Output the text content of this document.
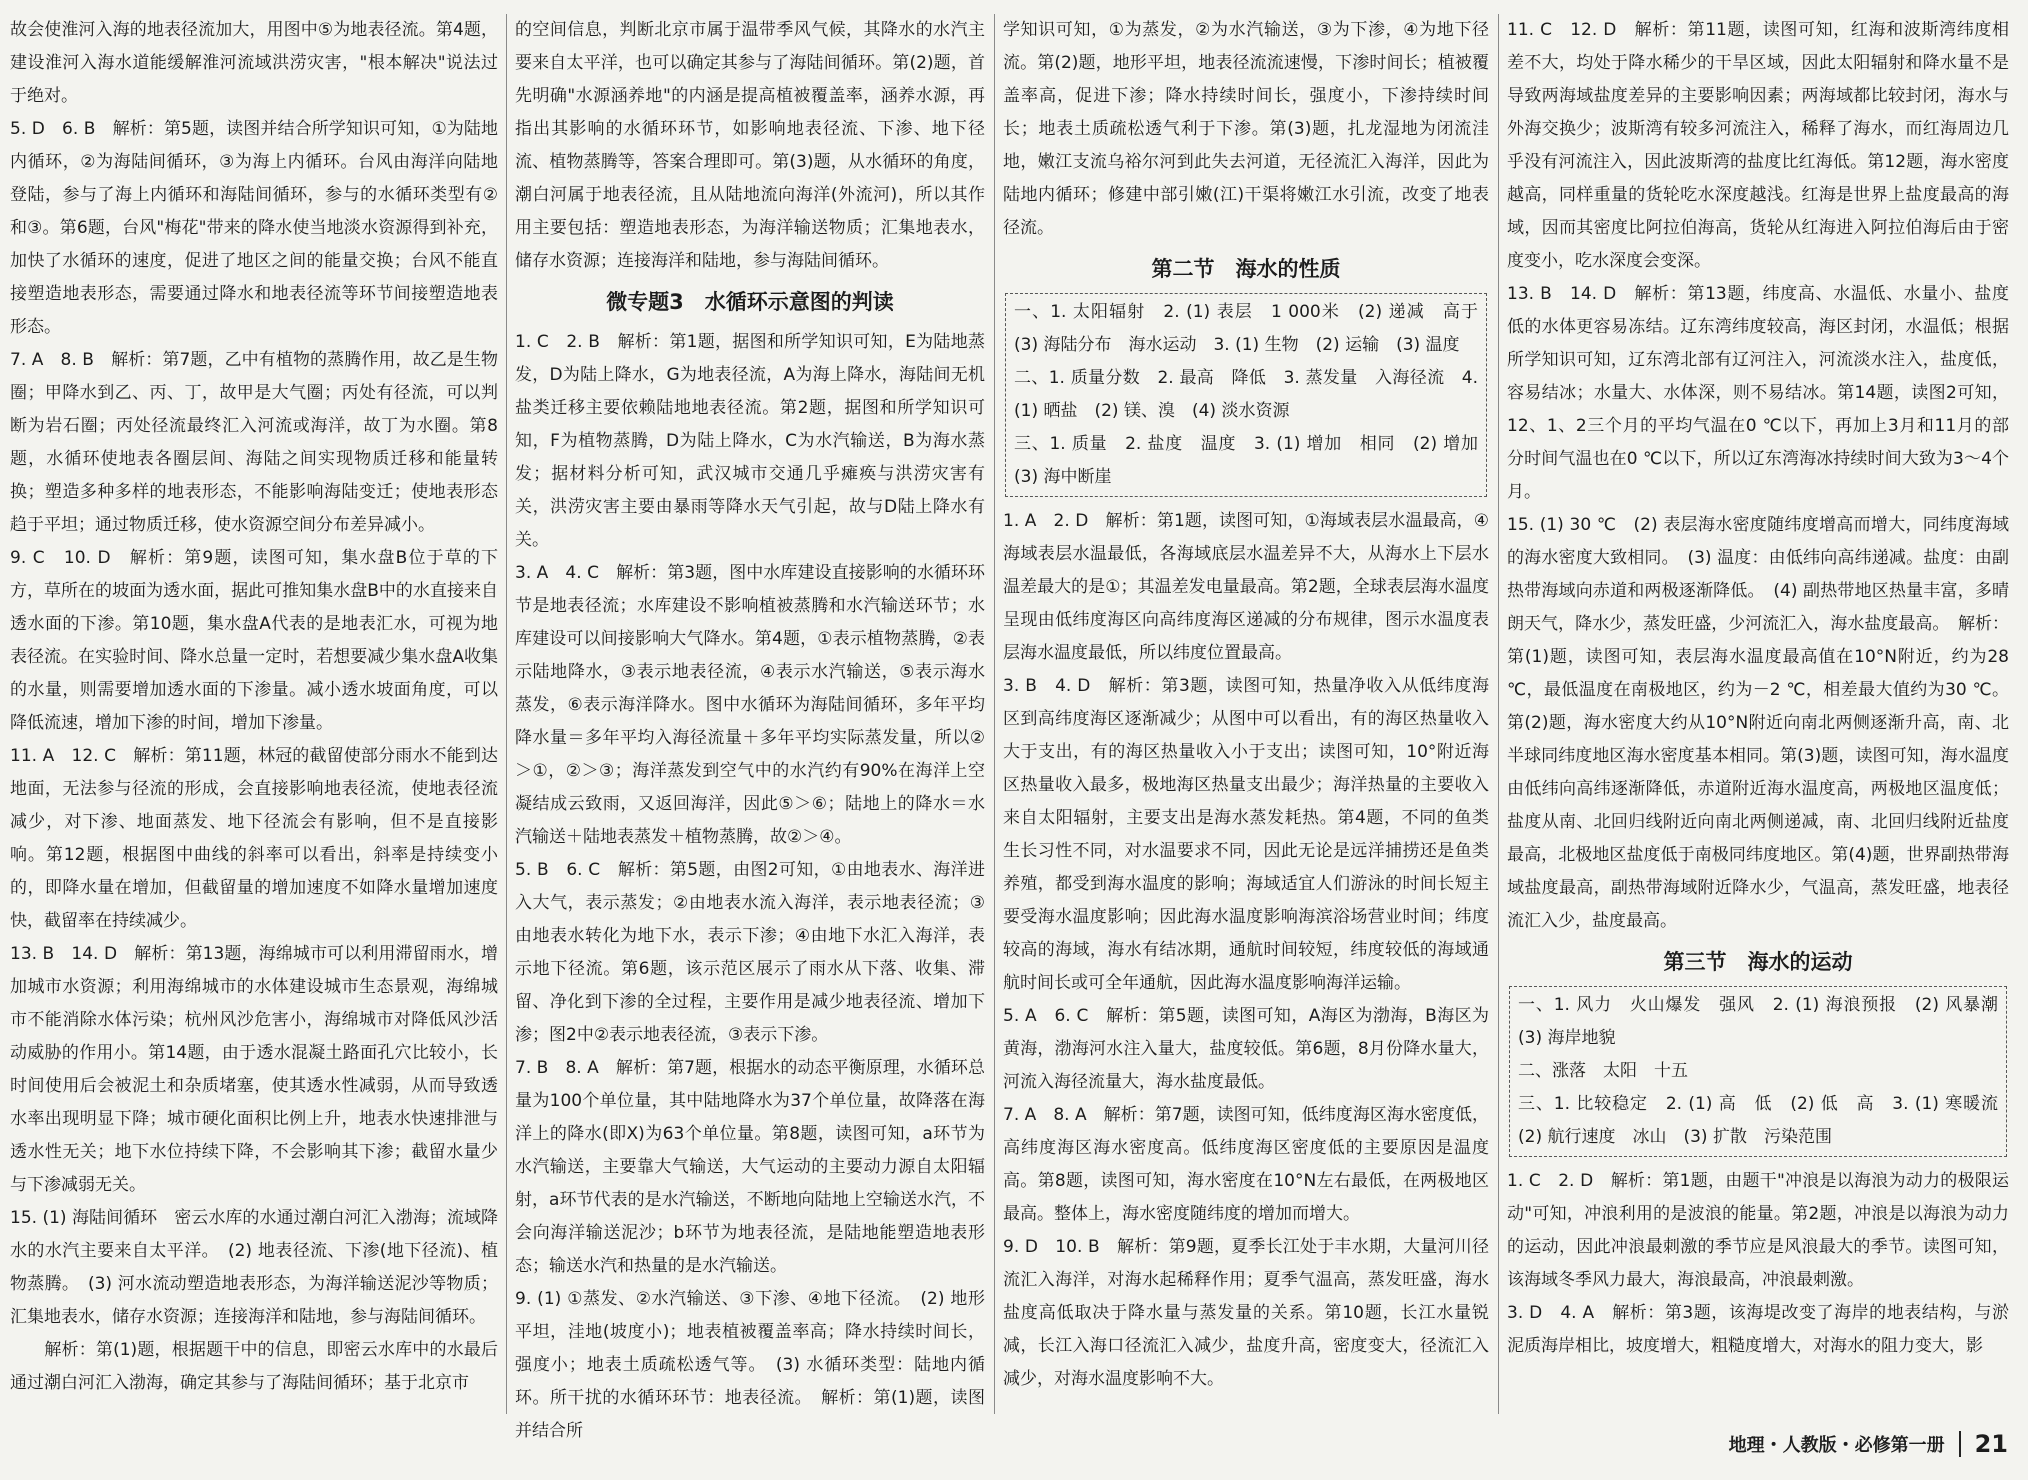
故会使淮河入海的地表径流加大，用图中⑤为地表径流。第4题，建设淮河入海水道能缓解淮河流域洪涝灾害，"根本解决"说法过于绝对。

5. D　6. B　解析：第5题，读图并结合所学知识可知，①为陆地内循环，②为海陆间循环，③为海上内循环。台风由海洋向陆地登陆，参与了海上内循环和海陆间循环，参与的水循环类型有②和③。第6题，台风"梅花"带来的降水使当地淡水资源得到补充，加快了水循环的速度，促进了地区之间的能量交换；台风不能直接塑造地表形态，需要通过降水和地表径流等环节间接塑造地表形态。

7. A　8. B　解析：第7题，乙中有植物的蒸腾作用，故乙是生物圈；甲降水到乙、丙、丁，故甲是大气圈；丙处有径流，可以判断为岩石圈；丙处径流最终汇入河流或海洋，故丁为水圈。第8题，水循环使地表各圈层间、海陆之间实现物质迁移和能量转换；塑造多种多样的地表形态，不能影响海陆变迁；使地表形态趋于平坦；通过物质迁移，使水资源空间分布差异减小。

9. C　10. D　解析：第9题，读图可知，集水盘B位于草的下方，草所在的坡面为透水面，据此可推知集水盘B中的水直接来自透水面的下渗。第10题，集水盘A代表的是地表汇水，可视为地表径流。在实验时间、降水总量一定时，若想要减少集水盘A收集的水量，则需要增加透水面的下渗量。减小透水坡面角度，可以降低流速，增加下渗的时间，增加下渗量。

11. A　12. C　解析：第11题，林冠的截留使部分雨水不能到达地面，无法参与径流的形成，会直接影响地表径流，使地表径流减少，对下渗、地面蒸发、地下径流会有影响，但不是直接影响。第12题，根据图中曲线的斜率可以看出，斜率是持续变小的，即降水量在增加，但截留量的增加速度不如降水量增加速度快，截留率在持续减少。

13. B　14. D　解析：第13题，海绵城市可以利用滞留雨水，增加城市水资源；利用海绵城市的水体建设城市生态景观，海绵城市不能消除水体污染；杭州风沙危害小，海绵城市对降低风沙活动威胁的作用小。第14题，由于透水混凝土路面孔穴比较小，长时间使用后会被泥土和杂质堵塞，使其透水性减弱，从而导致透水率出现明显下降；城市硬化面积比例上升，地表水快速排泄与透水性无关；地下水位持续下降，不会影响其下渗；截留水量少与下渗减弱无关。

15. (1) 海陆间循环　密云水库的水通过潮白河汇入渤海；流域降水的水汽主要来自太平洋。　(2) 地表径流、下渗(地下径流)、植物蒸腾。　(3) 河水流动塑造地表形态，为海洋输送泥沙等物质；汇集地表水，储存水资源；连接海洋和陆地，参与海陆间循环。

　　解析：第(1)题，根据题干中的信息，即密云水库中的水最后通过潮白河汇入渤海，确定其参与了海陆间循环；基于北京市

的空间信息，判断北京市属于温带季风气候，其降水的水汽主要来自太平洋，也可以确定其参与了海陆间循环。第(2)题，首先明确"水源涵养地"的内涵是提高植被覆盖率，涵养水源，再指出其影响的水循环环节，如影响地表径流、下渗、地下径流、植物蒸腾等，答案合理即可。第(3)题，从水循环的角度，潮白河属于地表径流，且从陆地流向海洋(外流河)，所以其作用主要包括：塑造地表形态，为海洋输送物质；汇集地表水，储存水资源；连接海洋和陆地，参与海陆间循环。

微专题3　水循环示意图的判读

1. C　2. B　解析：第1题，据图和所学知识可知，E为陆地蒸发，D为陆上降水，G为地表径流，A为海上降水，海陆间无机盐类迁移主要依赖陆地地表径流。第2题，据图和所学知识可知，F为植物蒸腾，D为陆上降水，C为水汽输送，B为海水蒸发；据材料分析可知，武汉城市交通几乎瘫痪与洪涝灾害有关，洪涝灾害主要由暴雨等降水天气引起，故与D陆上降水有关。

3. A　4. C　解析：第3题，图中水库建设直接影响的水循环环节是地表径流；水库建设不影响植被蒸腾和水汽输送环节；水库建设可以间接影响大气降水。第4题，①表示植物蒸腾，②表示陆地降水，③表示地表径流，④表示水汽输送，⑤表示海水蒸发，⑥表示海洋降水。图中水循环为海陆间循环，多年平均降水量＝多年平均入海径流量＋多年平均实际蒸发量，所以②＞①，②＞③；海洋蒸发到空气中的水汽约有90%在海洋上空凝结成云致雨，又返回海洋，因此⑤＞⑥；陆地上的降水＝水汽输送＋陆地表蒸发＋植物蒸腾，故②＞④。

5. B　6. C　解析：第5题，由图2可知，①由地表水、海洋进入大气，表示蒸发；②由地表水流入海洋，表示地表径流；③由地表水转化为地下水，表示下渗；④由地下水汇入海洋，表示地下径流。第6题，该示范区展示了雨水从下落、收集、滞留、净化到下渗的全过程，主要作用是减少地表径流、增加下渗；图2中②表示地表径流，③表示下渗。

7. B　8. A　解析：第7题，根据水的动态平衡原理，水循环总量为100个单位量，其中陆地降水为37个单位量，故降落在海洋上的降水(即X)为63个单位量。第8题，读图可知，a环节为水汽输送，主要靠大气输送，大气运动的主要动力源自太阳辐射，a环节代表的是水汽输送，不断地向陆地上空输送水汽，不会向海洋输送泥沙；b环节为地表径流，是陆地能塑造地表形态；输送水汽和热量的是水汽输送。

9. (1) ①蒸发、②水汽输送、③下渗、④地下径流。　(2) 地形平坦，洼地(坡度小)；地表植被覆盖率高；降水持续时间长，强度小；地表土质疏松透气等。　(3) 水循环类型：陆地内循环。所干扰的水循环环节：地表径流。　解析：第(1)题，读图并结合所

学知识可知，①为蒸发，②为水汽输送，③为下渗，④为地下径流。第(2)题，地形平坦，地表径流流速慢，下渗时间长；植被覆盖率高，促进下渗；降水持续时间长，强度小，下渗持续时间长；地表土质疏松透气利于下渗。第(3)题，扎龙湿地为闭流洼地，嫩江支流乌裕尔河到此失去河道，无径流汇入海洋，因此为陆地内循环；修建中部引嫩(江)干渠将嫩江水引流，改变了地表径流。

第二节　海水的性质

一、1. 太阳辐射　2. (1) 表层　1 000米　(2) 递减　高于　(3) 海陆分布　海水运动　3. (1) 生物　(2) 运输　(3) 温度

二、1. 质量分数　2. 最高　降低　3. 蒸发量　入海径流　4. (1) 晒盐　(2) 镁、溴　(4) 淡水资源

三、1. 质量　2. 盐度　温度　3. (1) 增加　相同　(2) 增加　(3) 海中断崖

1. A　2. D　解析：第1题，读图可知，①海域表层水温最高，④海域表层水温最低，各海域底层水温差异不大，从海水上下层水温差最大的是①；其温差发电量最高。第2题，全球表层海水温度呈现由低纬度海区向高纬度海区递减的分布规律，图示水温度表层海水温度最低，所以纬度位置最高。

3. B　4. D　解析：第3题，读图可知，热量净收入从低纬度海区到高纬度海区逐渐减少；从图中可以看出，有的海区热量收入大于支出，有的海区热量收入小于支出；读图可知，10°附近海区热量收入最多，极地海区热量支出最少；海洋热量的主要收入来自太阳辐射，主要支出是海水蒸发耗热。第4题，不同的鱼类生长习性不同，对水温要求不同，因此无论是远洋捕捞还是鱼类养殖，都受到海水温度的影响；海域适宜人们游泳的时间长短主要受海水温度影响；因此海水温度影响海滨浴场营业时间；纬度较高的海域，海水有结冰期，通航时间较短，纬度较低的海域通航时间长或可全年通航，因此海水温度影响海洋运输。

5. A　6. C　解析：第5题，读图可知，A海区为渤海，B海区为黄海，渤海河水注入量大，盐度较低。第6题，8月份降水量大，河流入海径流量大，海水盐度最低。

7. A　8. A　解析：第7题，读图可知，低纬度海区海水密度低，高纬度海区海水密度高。低纬度海区密度低的主要原因是温度高。第8题，读图可知，海水密度在10°N左右最低，在两极地区最高。整体上，海水密度随纬度的增加而增大。

9. D　10. B　解析：第9题，夏季长江处于丰水期，大量河川径流汇入海洋，对海水起稀释作用；夏季气温高，蒸发旺盛，海水盐度高低取决于降水量与蒸发量的关系。第10题，长江水量锐减，长江入海口径流汇入减少，盐度升高，密度变大，径流汇入减少，对海水温度影响不大。

11. C　12. D　解析：第11题，读图可知，红海和波斯湾纬度相差不大，均处于降水稀少的干旱区域，因此太阳辐射和降水量不是导致两海域盐度差异的主要影响因素；两海域都比较封闭，海水与外海交换少；波斯湾有较多河流注入，稀释了海水，而红海周边几乎没有河流注入，因此波斯湾的盐度比红海低。第12题，海水密度越高，同样重量的货轮吃水深度越浅。红海是世界上盐度最高的海域，因而其密度比阿拉伯海高，货轮从红海进入阿拉伯海后由于密度变小，吃水深度会变深。

13. B　14. D　解析：第13题，纬度高、水温低、水量小、盐度低的水体更容易冻结。辽东湾纬度较高，海区封闭，水温低；根据所学知识可知，辽东湾北部有辽河注入，河流淡水注入，盐度低，容易结冰；水量大、水体深，则不易结冰。第14题，读图2可知，12、1、2三个月的平均气温在0 ℃以下，再加上3月和11月的部分时间气温也在0 ℃以下，所以辽东湾海冰持续时间大致为3～4个月。

15. (1) 30 ℃　(2) 表层海水密度随纬度增高而增大，同纬度海域的海水密度大致相同。　(3) 温度：由低纬向高纬递减。盐度：由副热带海域向赤道和两极逐渐降低。　(4) 副热带地区热量丰富，多晴朗天气，降水少，蒸发旺盛，少河流汇入，海水盐度最高。　解析：第(1)题，读图可知，表层海水温度最高值在10°N附近，约为28 ℃，最低温度在南极地区，约为－2 ℃，相差最大值约为30 ℃。第(2)题，海水密度大约从10°N附近向南北两侧逐渐升高，南、北半球同纬度地区海水密度基本相同。第(3)题，读图可知，海水温度由低纬向高纬逐渐降低，赤道附近海水温度高，两极地区温度低；盐度从南、北回归线附近向南北两侧递减，南、北回归线附近盐度最高，北极地区盐度低于南极同纬度地区。第(4)题，世界副热带海域盐度最高，副热带海域附近降水少，气温高，蒸发旺盛，地表径流汇入少，盐度最高。

第三节　海水的运动

一、1. 风力　火山爆发　强风　2. (1) 海浪预报　(2) 风暴潮　(3) 海岸地貌

二、涨落　太阳　十五

三、1. 比较稳定　2. (1) 高　低　(2) 低　高　3. (1) 寒暖流　(2) 航行速度　冰山　(3) 扩散　污染范围

1. C　2. D　解析：第1题，由题干"冲浪是以海浪为动力的极限运动"可知，冲浪利用的是波浪的能量。第2题，冲浪是以海浪为动力的运动，因此冲浪最刺激的季节应是风浪最大的季节。读图可知，该海域冬季风力最大，海浪最高，冲浪最刺激。

3. D　4. A　解析：第3题，该海堤改变了海岸的地表结构，与淤泥质海岸相比，坡度增大，粗糙度增大，对海水的阻力变大，影

地理・人教版・必修第一册 21
